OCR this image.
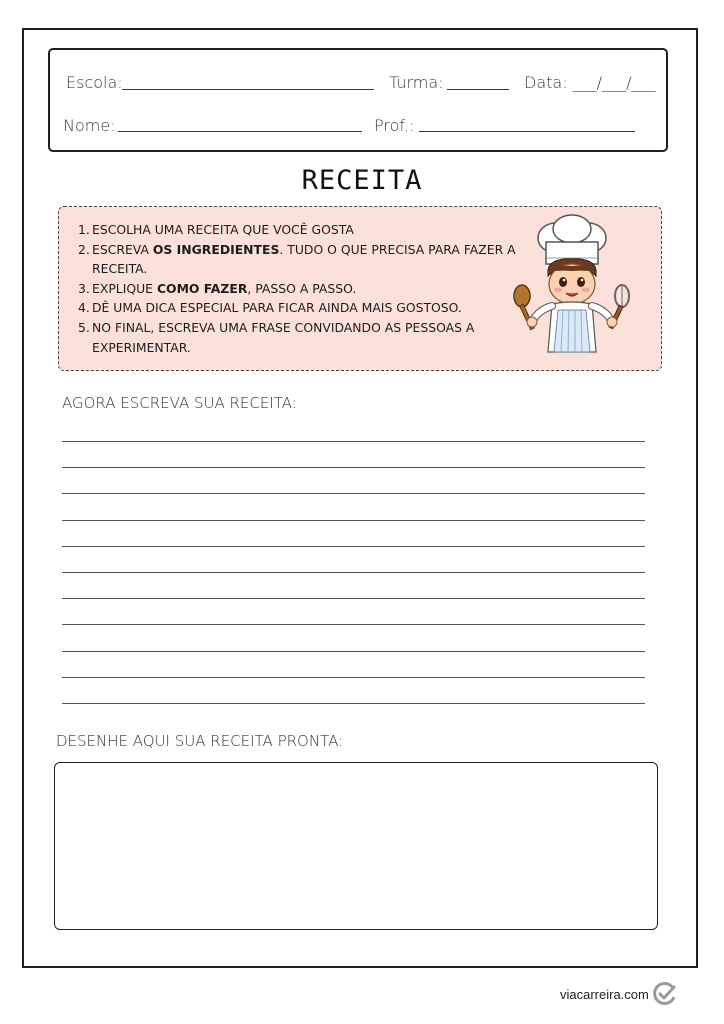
Escola:	Turma:	Data: ___/___/___
Nome:	Prof.:
RECEITA
1. ESCOLHA UMA RECEITA QUE VOCÊ GOSTA
2. ESCREVA OS INGREDIENTES. TUDO O QUE PRECISA PARA FAZER A RECEITA.
3. EXPLIQUE COMO FAZER, PASSO A PASSO.
4. DÊ UMA DICA ESPECIAL PARA FICAR AINDA MAIS GOSTOSO.
5. NO FINAL, ESCREVA UMA FRASE CONVIDANDO AS PESSOAS A EXPERIMENTAR.
AGORA ESCREVA SUA RECEITA:
DESENHE AQUI SUA RECEITA PRONTA:
viacarreira.com
